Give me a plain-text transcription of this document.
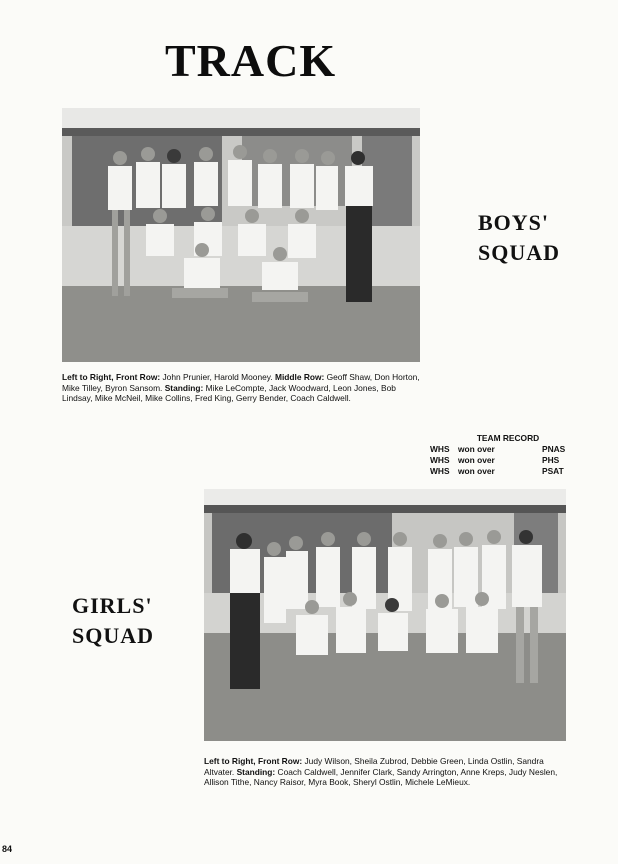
TRACK
BOYS'
SQUAD
Left to Right, Front Row: John Prunier, Harold Mooney. Middle Row: Geoff Shaw, Don Horton, Mike Tilley, Byron Sansom. Standing: Mike LeCompte, Jack Woodward, Leon Jones, Bob Lindsay, Mike McNeil, Mike Collins, Fred King, Gerry Bender, Coach Caldwell.
TEAM RECORD
WHS	won over	PNAS
WHS	won over	PHS
WHS	won over	PSAT
GIRLS'
SQUAD
Left to Right, Front Row: Judy Wilson, Sheila Zubrod, Debbie Green, Linda Ostlin, Sandra Altvater. Standing: Coach Caldwell, Jennifer Clark, Sandy Arrington, Anne Kreps, Judy Neslen, Allison Tithe, Nancy Raisor, Myra Book, Sheryl Ostlin, Michele LeMieux.
84
